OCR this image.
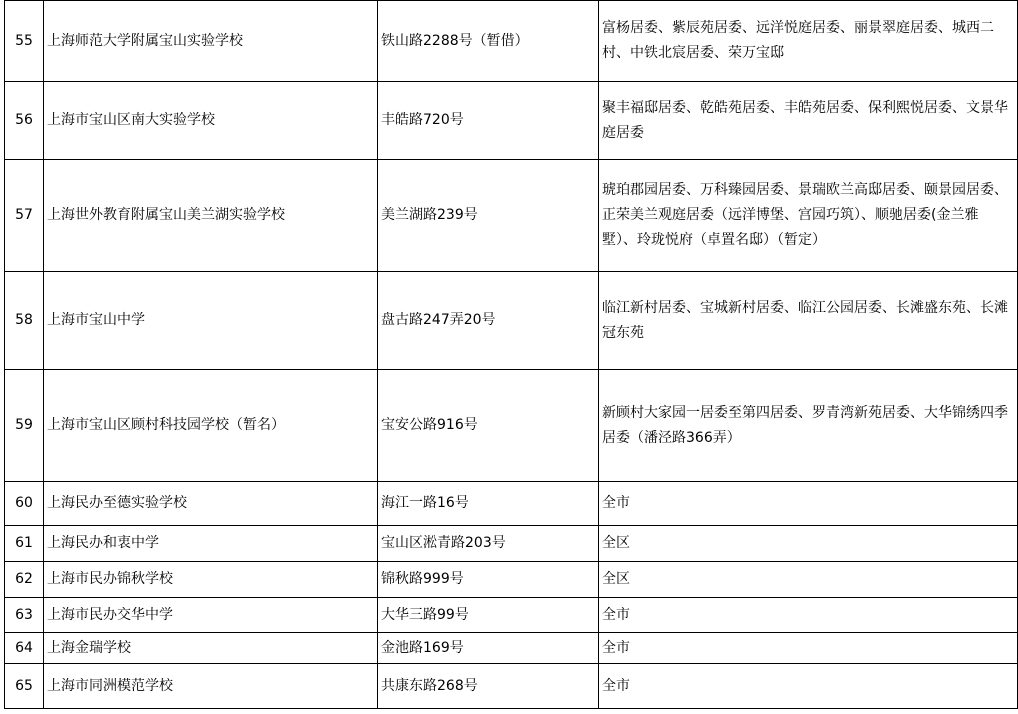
55	上海师范大学附属宝山实验学校	铁山路2288号（暂借）	富杨居委、紫辰苑居委、远洋悦庭居委、丽景翠庭居委、城西二村、中铁北宸居委、荣万宝邸
56	上海市宝山区南大实验学校	丰皓路720号	聚丰福邸居委、乾皓苑居委、丰皓苑居委、保利熙悦居委、文景华庭居委
57	上海世外教育附属宝山美兰湖实验学校	美兰湖路239号	琥珀郡园居委、万科臻园居委、景瑞欧兰高邸居委、颐景园居委、正荣美兰观庭居委（远洋博堡、宫园巧筑）、顺驰居委(金兰雅墅）、玲珑悦府（卓置名邸）（暂定）
58	上海市宝山中学	盘古路247弄20号	临江新村居委、宝城新村居委、临江公园居委、长滩盛东苑、长滩冠东苑
59	上海市宝山区顾村科技园学校（暂名）	宝安公路916号	新顾村大家园一居委至第四居委、罗青湾新苑居委、大华锦绣四季居委（潘泾路366弄）
60	上海民办至德实验学校	海江一路16号	全市
61	上海民办和衷中学	宝山区淞青路203号	全区
62	上海市民办锦秋学校	锦秋路999号	全区
63	上海市民办交华中学	大华三路99号	全市
64	上海金瑞学校	金池路169号	全市
65	上海市同洲模范学校	共康东路268号	全市
